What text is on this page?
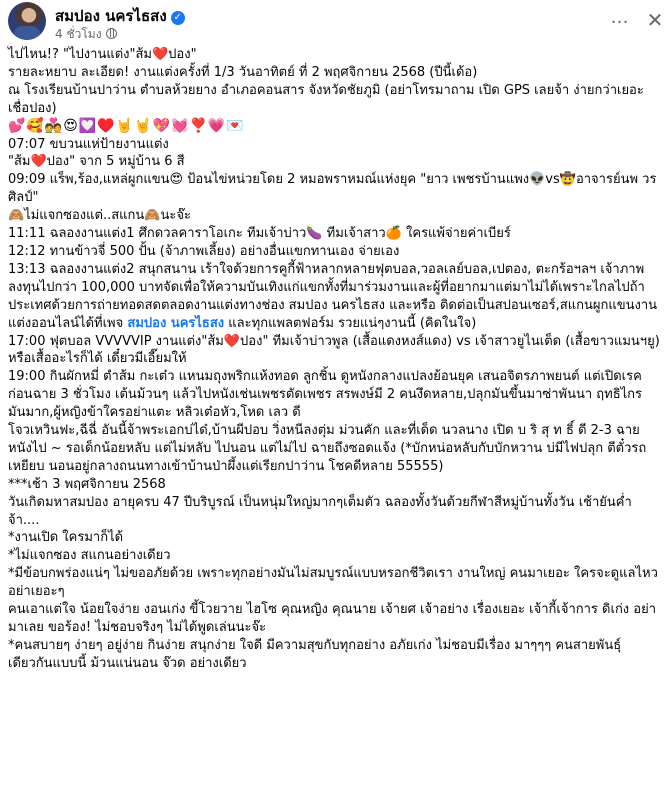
สมปอง นครไธสง ✓
4 ชั่วโมง
… ✕

ไปไหน!? "ไปงานแต่ง"ส้ม❤️ปอง"

รายละหยาบ ละเอียด! งานแต่งครั้งที่ 1/3 วันอาทิตย์ ที่ 2 พฤศจิกายน 2568 (ปีนี้เด้อ)

ณ โรงเรียนบ้านปาว่าน ตำบลห้วยยาง อำเภอคอนสาร จังหวัดชัยภูมิ (อย่าโทรมาถาม เปิด GPS เลยจ้า ง่ายกว่าเยอะ เชื่อปอง)

💕🥰💑😍💟♥️🤘🤘💖💓❣️💗💌

07:07 ขบวนแห่ป้ายงานแต่ง

"ส้ม❤️ปอง" จาก 5 หมู่บ้าน 6 สี

09:09 แร็พ,ร้อง,แหล่ผูกแขน😍 ป้อนไข่หน่วยโดย 2 หมอพราหมณ์แห่งยุค "ยาว เพชรบ้านแพง👽vs🤠อาจารย์นพ วรศิลป์"

🙈ไม่แจกซองแต่..สแกน🙈นะจ๊ะ

11:11 ฉลองงานแต่ง1 ศึกดวลคาราโอเกะ ทีมเจ้าบ่าว🍆 ทีมเจ้าสาว🍊 ใครแพ้จ่ายค่าเบียร์

12:12 ทานข้าวจี่ 500 ปั้น (จ้าภาพเลี้ยง) อย่างอื่นแขกทานเอง จ่ายเอง

13:13 ฉลองงานแต่ง2 สนุกสนาน เร้าใจด้วยการคูกี้ฟ้าหลากหลายฟุตบอล,วอลเลย์บอล,เปตอง, ตะกร้อฯลฯ เจ้าภาพลงทุนไปกว่า 100,000 บาทจัดเพื่อให้ความบันเทิงแก่แขกทั้งที่มาร่วมงานและผู้ที่อยากมาแต่มาไม่ได้เพราะไกลไปถ้าประเทศด้วยการถ่ายทอดสดตลอดงานแต่งทางช่อง สมปอง นครไธสง และหรือ ติดต่อเป็นสปอนเซอร์,สแกนผูกแขนงานแต่งออนไลน์ได้ที่เพจ สมปอง นครไธสง และทุกแพลตฟอร์ม รวยแน่ๆงานนี้ (คิดในใจ)

17:00 ฟุตบอล VVVVVIP งานแต่ง"ส้ม❤️ปอง" ทีมเจ้าบ่าวพูล (เสื้อแดงหงส์แดง) vs เจ้าสาวยูไนเต็ด (เสื้อขาวแมนฯยู) หรือเสื้ออะไรก็ได้ เดี๋ยวมีเอี๊ยมให้

19:00 กินผักหมี่ ตำส้ม กะเต๋ว แหนมถุงพริกแห้งทอด ลูกชิ้น ดูหนังกลางแปลงย้อนยุค เสนอจิตรภาพยนต์ แต่เปิดเรคก่อนฉาย 3 ชั่วโมง เต้นม้วนๆ แล้วไปหนังเช่นเพชรตัดเพชร สรพงษ์มี 2 คนงึดหลาย,ปลุกมันขึ้นมาซ่าพันนา ฤทธิไกร มันมาก,ผู้หญิงข้าใครอย่าแตะ หลิวเต๋อหัว,โหด เลว ดี

โจวเหวินฟะ,ฉีฉี่ อันนี้จ้าพระเอกบ่ได๋,บ้านผีปอบ วิ่งหนีลงตุ่ม ม่วนคัก และที่เด็ด นวลนาง เปิด บ ริ สุ ท ธิ์ ดี 2-3 ฉายหนังไป ~ รอเด็กน้อยหลับ แต่ไม่หลับ ไปนอน แต่ไม่ไป ฉายถึงซอดแจ้ง (*บักหน่อหลับกับบักหวาน บ่มีไฟปลุก ตีตั๋วรถเหยียบ นอนอยู่กลางถนนทางเข้าบ้านป่าผึ้งแต่เรียกปาว่าน โชคดีหลาย 55555)

***เช้า 3 พฤศจิกายน 2568

วันเกิดมหาสมปอง อายุครบ 47 ปีบริบูรณ์ เป็นหนุ่มใหญ่มากๆเต็มตัว ฉลองทั้งวันด้วยกีฬาสีหมู่บ้านทั้งวัน เช้ายันค่ำจ้า....

*งานเปิด ใครมาก็ได้

*ไม่แจกซอง สแกนอย่างเดียว

*มีข้อบกพร่องแน่ๆ ไม่ขออภัยด้วย เพราะทุกอย่างมันไม่สมบูรณ์แบบหรอกชีวิตเรา งานใหญ่ คนมาเยอะ ใครจะดูแลไหว อย่าเยอะๆ

คนเอาแต่ใจ น้อยใจง่าย งอนเก่ง ขี้โวยวาย ไฮโซ คุณหญิง คุณนาย เจ้ายศ เจ้าอย่าง เรื่องเยอะ เจ้ากี้เจ้าการ ดิเก่ง อย่ามาเลย ขอร้อง! ไม่ชอบจริงๆ ไม่ได้พูดเล่นนะจ๊ะ

*คนสบายๆ ง่ายๆ อยู่ง่าย กินง่าย สนุกง่าย ใจดี มีความสุขกับทุกอย่าง อภัยเก่ง ไม่ชอบมีเรื่อง มาๆๆๆ คนสายพันธุ์เดียวกันแบบนี้ ม้วนแน่นอน จ๊วด อย่างเดียว
